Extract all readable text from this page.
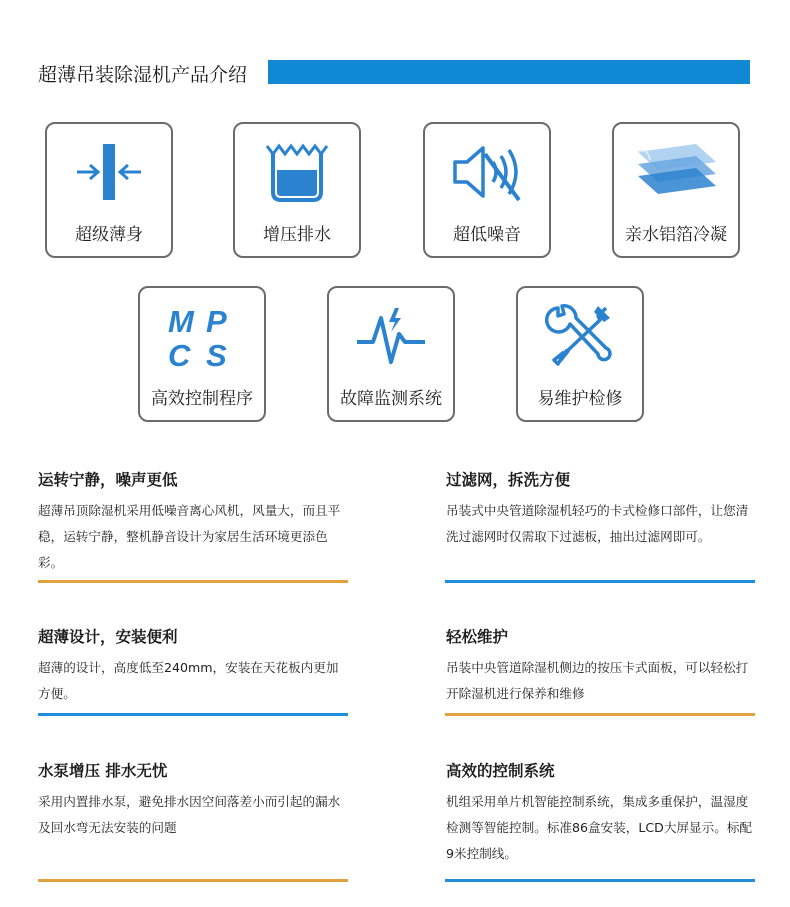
超薄吊装除湿机产品介绍
超级薄身	增压排水	超低噪音	亲水铝箔冷凝
M P
C S
高效控制程序	故障监测系统	易维护检修
运转宁静，噪声更低
超薄吊顶除湿机采用低噪音离心风机，风量大，而且平稳，运转宁静，整机静音设计为家居生活环境更添色彩。
过滤网，拆洗方便
吊装式中央管道除湿机轻巧的卡式检修口部件，让您清洗过滤网时仅需取下过滤板，抽出过滤网即可。
超薄设计，安装便利
超薄的设计，高度低至240mm，安装在天花板内更加方便。
轻松维护
吊装中央管道除湿机侧边的按压卡式面板，可以轻松打开除湿机进行保养和维修
水泵增压 排水无忧
采用内置排水泵，避免排水因空间落差小而引起的漏水及回水弯无法安装的问题
高效的控制系统
机组采用单片机智能控制系统，集成多重保护，温湿度检测等智能控制。标准86盒安装，LCD大屏显示。标配9米控制线。
